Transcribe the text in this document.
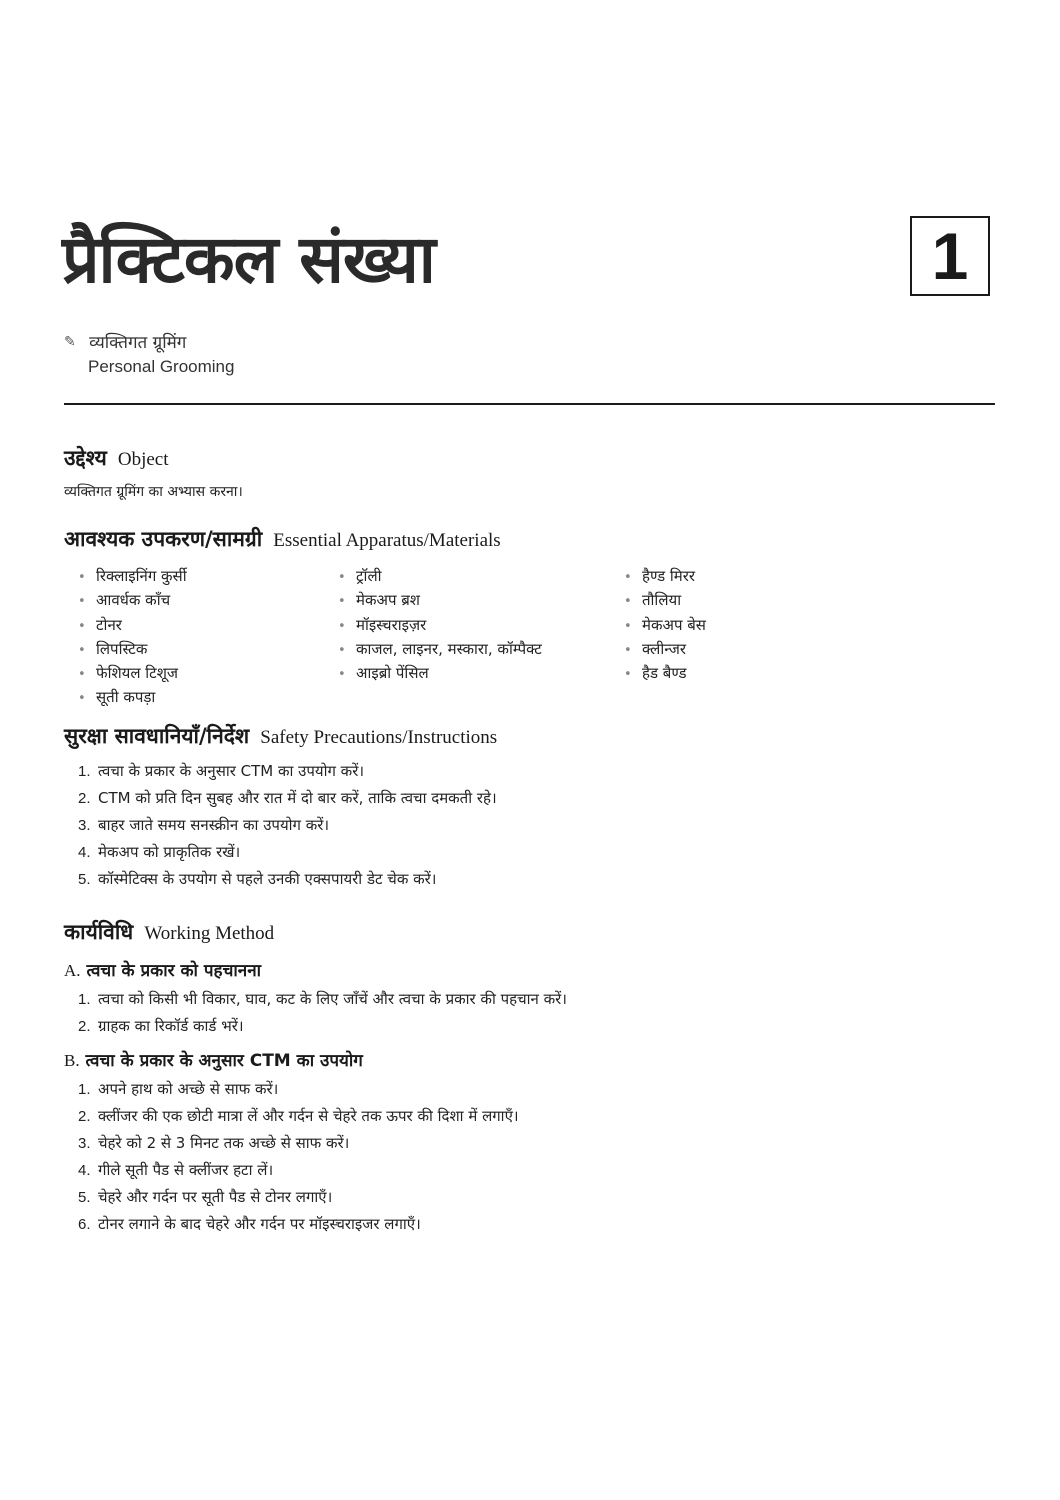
प्रैक्टिकल संख्या	1
✎ व्यक्तिगत ग्रूमिंग
Personal Grooming
उद्देश्य Object
व्यक्तिगत ग्रूमिंग का अभ्यास करना।
आवश्यक उपकरण/सामग्री Essential Apparatus/Materials
• रिक्लाइनिंग कुर्सी
• आवर्धक काँच
• टोनर
• लिपस्टिक
• फेशियल टिशूज
• सूती कपड़ा
• ट्रॉली
• मेकअप ब्रश
• मॉइस्चराइज़र
• काजल, लाइनर, मस्कारा, कॉम्पैक्ट
• आइब्रो पेंसिल
• हैण्ड मिरर
• तौलिया
• मेकअप बेस
• क्लीन्जर
• हैड बैण्ड
सुरक्षा सावधानियाँ/निर्देश Safety Precautions/Instructions
1. त्वचा के प्रकार के अनुसार CTM का उपयोग करें।
2. CTM को प्रति दिन सुबह और रात में दो बार करें, ताकि त्वचा दमकती रहे।
3. बाहर जाते समय सनस्क्रीन का उपयोग करें।
4. मेकअप को प्राकृतिक रखें।
5. कॉस्मेटिक्स के उपयोग से पहले उनकी एक्सपायरी डेट चेक करें।
कार्यविधि Working Method
A. त्वचा के प्रकार को पहचानना
1. त्वचा को किसी भी विकार, घाव, कट के लिए जाँचें और त्वचा के प्रकार की पहचान करें।
2. ग्राहक का रिकॉर्ड कार्ड भरें।
B. त्वचा के प्रकार के अनुसार CTM का उपयोग
1. अपने हाथ को अच्छे से साफ करें।
2. क्लींजर की एक छोटी मात्रा लें और गर्दन से चेहरे तक ऊपर की दिशा में लगाएँ।
3. चेहरे को 2 से 3 मिनट तक अच्छे से साफ करें।
4. गीले सूती पैड से क्लींजर हटा लें।
5. चेहरे और गर्दन पर सूती पैड से टोनर लगाएँ।
6. टोनर लगाने के बाद चेहरे और गर्दन पर मॉइस्चराइजर लगाएँ।
